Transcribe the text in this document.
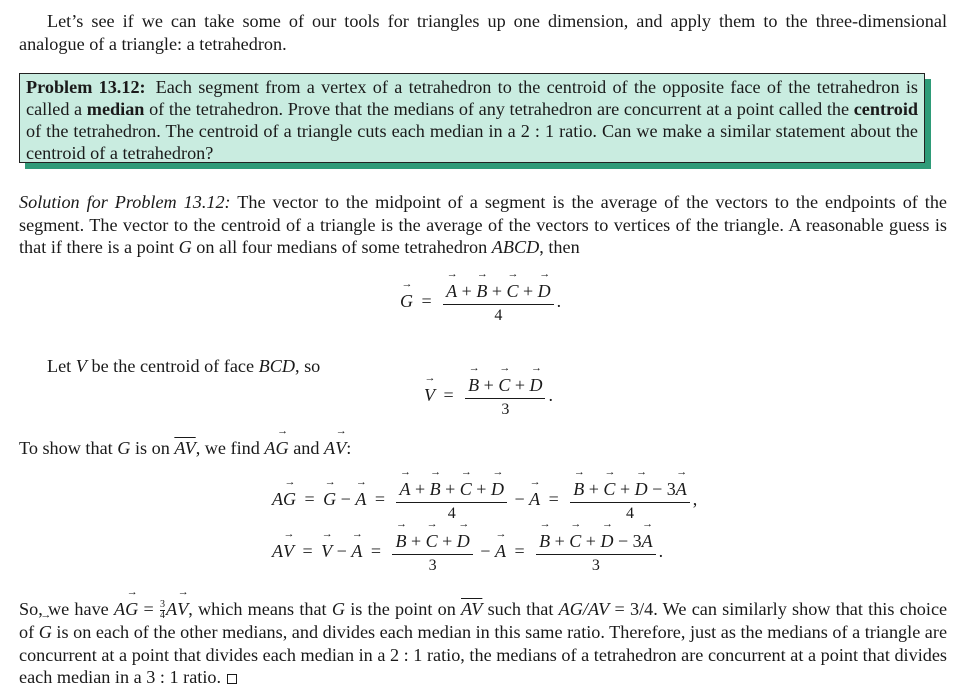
Let’s see if we can take some of our tools for triangles up one dimension, and apply them to the three-dimensional analogue of a triangle: a tetrahedron.

Problem 13.12: Each segment from a vertex of a tetrahedron to the centroid of the opposite face of the tetrahedron is called a median of the tetrahedron. Prove that the medians of any tetrahedron are concurrent at a point called the centroid of the tetrahedron. The centroid of a triangle cuts each median in a 2 : 1 ratio. Can we make a similar statement about the centroid of a tetrahedron?

Solution for Problem 13.12: The vector to the midpoint of a segment is the average of the vectors to the endpoints of the segment. The vector to the centroid of a triangle is the average of the vectors to vertices of the triangle. A reasonable guess is that if there is a point G on all four medians of some tetrahedron ABCD, then

→ G = → $\frac{A + \to B + \to C + \to D}{4}$ .

Let V be the centroid of face BCD, so

→ V = → $\frac{B + \to C + \to D}{3}$ .

To show that G is on $\overline{AV}$, we find A→ G and A→ V:

A→ G = → G − → A = → $\frac{A + \to B + \to C + \to D}{4}$ − → A = → $\frac{B + \to C + \to D - 3\to A}{4}$ ,
A→ V = → V − → A = → $\frac{B + \to C + \to D}{3}$ − → A = → $\frac{B + \to C + \to D - 3\to A}{3}$ .

So, we have $A\to G = \frac{3}{4} A\to V$, which means that G is the point on $\overline{AV}$ such that AG/AV = 3/4. We can similarly show that this choice of → G is on each of the other medians, and divides each median in this same ratio. Therefore, just as the medians of a triangle are concurrent at a point that divides each median in a 2 : 1 ratio, the medians of a tetrahedron are concurrent at a point that divides each median in a 3 : 1 ratio.
